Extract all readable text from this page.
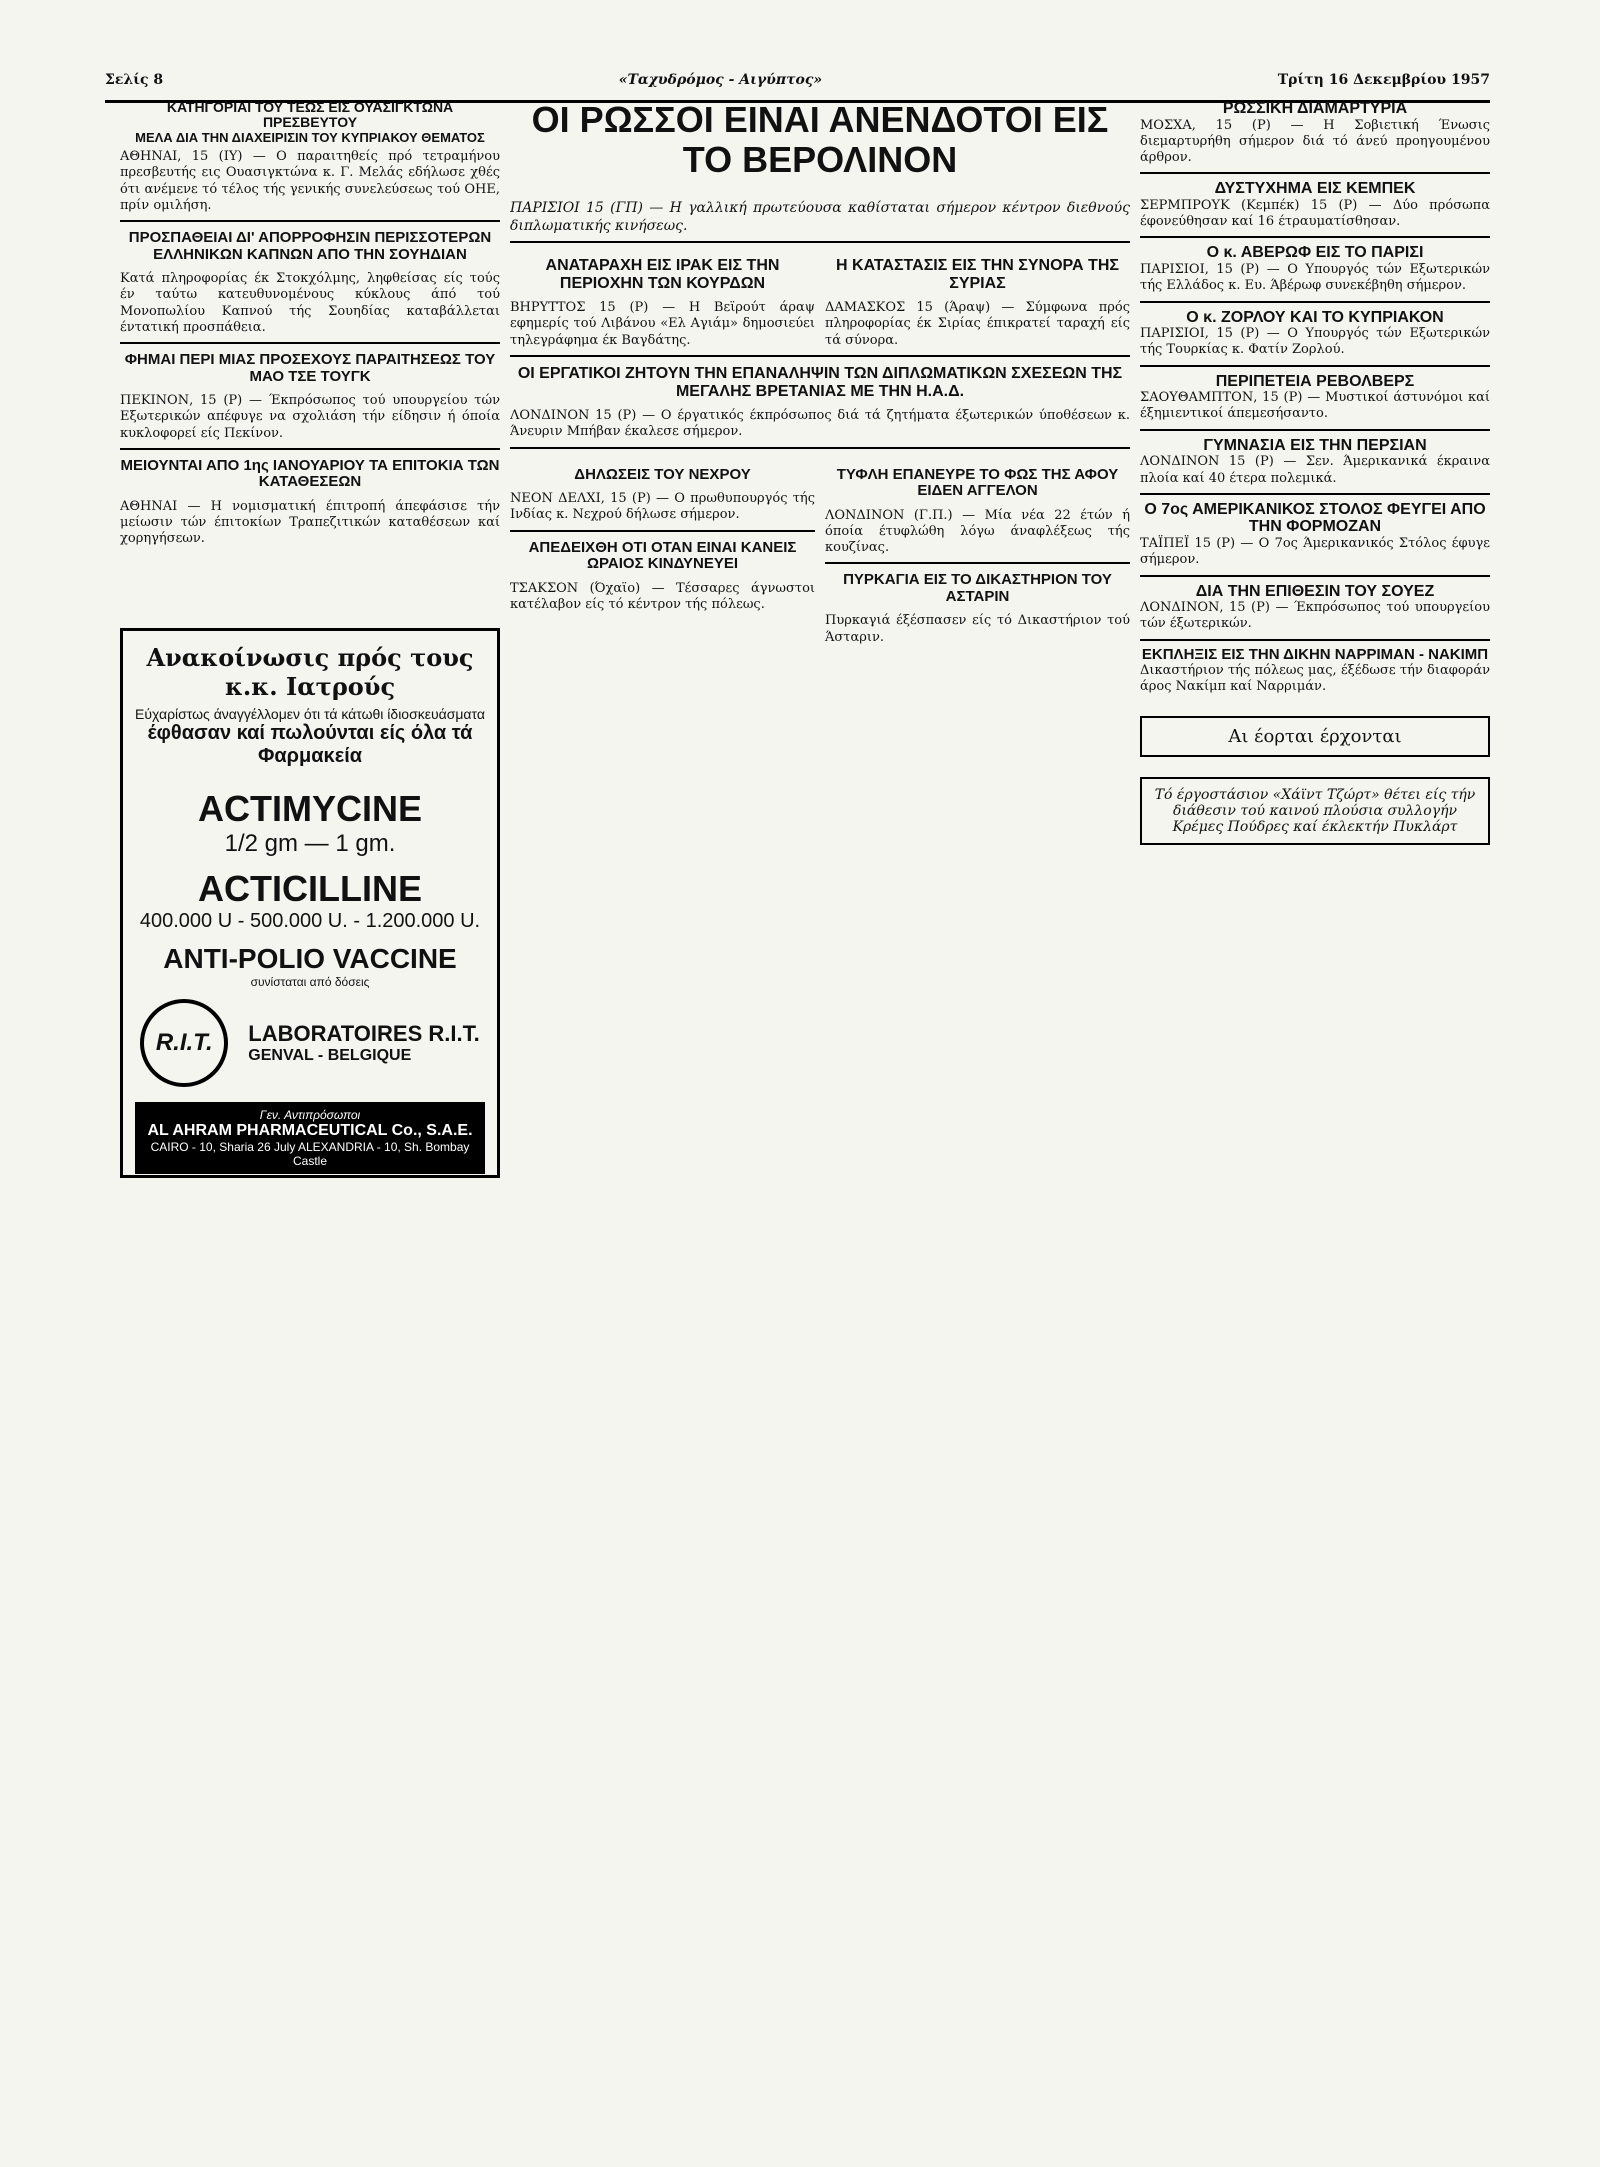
Σελίς 8	«Ταχυδρόμος - Αιγύπτος»	Τρίτη 16 Δεκεμβρίου 1957
ΚΑΤΗΓΟΡΙΑΙ ΤΟΥ ΤΕΩΣ ΕΙΣ ΟΥΑΣΙΓΚΤΩΝΑ ΠΡΕΣΒΕΥΤΟΥ
ΜΕΛΑ ΔΙΑ ΤΗΝ ΔΙΑΧΕΙΡΙΣΙΝ ΤΟΥ ΚΥΠΡΙΑΚΟΥ ΘΕΜΑΤΟΣ
ΑΘΗΝΑΙ, 15 (ΙΥ) — Ο παραιτηθείς πρό τετραμήνου πρεσβευτής εις Ουασιγκτώνα κ. Γ. Μελάς εδήλωσε χθές ότι ανέμενε τό τέλος τής γενικής συνελεύσεως τού ΟΗΕ, πρίν ομιλήση.
ΠΡΟΣΠΑΘΕΙΑΙ ΔΙ' ΑΠΟΡΡΟΦΗΣΙΝ ΠΕΡΙΣΣΟΤΕΡΩΝ ΕΛΛΗΝΙΚΩΝ ΚΑΠΝΩΝ ΑΠΟ ΤΗΝ ΣΟΥΗΔΙΑΝ
Κατά πληροφορίας έκ Στοκχόλμης, ληφθείσας είς τούς έν ταύτω κατευθυνομένους κύκλους άπό τού Μονοπωλίου Καπνού τής Σουηδίας καταβάλλεται έντατική προσπάθεια.
ΦΗΜΑΙ ΠΕΡΙ ΜΙΑΣ ΠΡΟΣΕΧΟΥΣ ΠΑΡΑΙΤΗΣΕΩΣ ΤΟΥ ΜΑΟ ΤΣΕ ΤΟΥΓΚ
ΠΕΚΙΝΟΝ, 15 (Ρ) — Έκπρόσωπος τού υπουργείου τών Εξωτερικών απέφυγε να σχολιάση τήν είδησιν ή όποία κυκλοφορεί είς Πεκίνον.
ΜΕΙΟΥΝΤΑΙ ΑΠΟ 1ης ΙΑΝΟΥΑΡΙΟΥ ΤΑ ΕΠΙΤΟΚΙΑ ΤΩΝ ΚΑΤΑΘΕΣΕΩΝ
ΑΘΗΝΑΙ — Η νομισματική έπιτροπή άπεφάσισε τήν μείωσιν τών έπιτοκίων Τραπεζιτικών καταθέσεων καί χορηγήσεων.
Ανακοίνωσις πρός τους κ.κ. Ιατρούς
Εύχαρίστως άναγγέλλομεν ότι τά κάτωθι ίδιοσκευάσματα
έφθασαν καί πωλούνται είς όλα τά Φαρμακεία
ACTIMYCINE
1/2 gm — 1 gm.
ACTICILLINE
400.000 U - 500.000 U. - 1.200.000 U.
ANTI-POLIO VACCINE
συνίσταται από δόσεις
R.I.T.	LABORATOIRES R.I.T.
GENVAL - BELGIQUE
Γεν. Αντιπρόσωποι
AL AHRAM PHARMACEUTICAL Co., S.A.E.
CAIRO - 10, Sharia 26 July ALEXANDRIA - 10, Sh. Bombay Castle
ΟΙ ΡΩΣΣΟΙ ΕΙΝΑΙ ΑΝΕΝΔΟΤΟΙ ΕΙΣ ΤΟ ΒΕΡΟΛΙΝΟΝ
ΠΑΡΙΣΙΟΙ 15 (ΓΠ) — Η γαλλική πρωτεύουσα καθίσταται σήμερον κέντρον διεθνούς διπλωματικής κινήσεως.
ΑΝΑΤΑΡΑΧΗ ΕΙΣ ΙΡΑΚ ΕΙΣ ΤΗΝ ΠΕΡΙΟΧΗΝ ΤΩΝ ΚΟΥΡΔΩΝ
ΒΗΡΥΤΤΟΣ 15 (Ρ) — Η Βεϊρούτ άραψ εφημερίς τού Λιβάνου «Ελ Αγιάμ» δημοσιεύει τηλεγράφημα έκ Βαγδάτης.
Η ΚΑΤΑΣΤΑΣΙΣ ΕΙΣ ΤΗΝ ΣΥΝΟΡΑ ΤΗΣ ΣΥΡΙΑΣ
ΔΑΜΑΣΚΟΣ 15 (Άραψ) — Σύμφωνα πρός πληροφορίας έκ Σιρίας έπικρατεί ταραχή είς τά σύνορα.
ΟΙ ΕΡΓΑΤΙΚΟΙ ΖΗΤΟΥΝ ΤΗΝ ΕΠΑΝΑΛΗΨΙΝ ΤΩΝ ΔΙΠΛΩΜΑΤΙΚΩΝ ΣΧΕΣΕΩΝ ΤΗΣ ΜΕΓΑΛΗΣ ΒΡΕΤΑΝΙΑΣ ΜΕ ΤΗΝ Η.Α.Δ.
ΛΟΝΔΙΝΟΝ 15 (Ρ) — Ο έργατικός έκπρόσωπος διά τά ζητήματα έξωτερικών ύποθέσεων κ. Άνευριν Μπήβαν έκαλεσε σήμερον.
ΔΗΛΩΣΕΙΣ ΤΟΥ ΝΕΧΡΟΥ
ΝΕΟΝ ΔΕΛΧΙ, 15 (Ρ) — Ο πρωθυπουργός τής Ινδίας κ. Νεχρού δήλωσε σήμερον.
ΑΠΕΔΕΙΧΘΗ ΟΤΙ ΟΤΑΝ ΕΙΝΑΙ ΚΑΝΕΙΣ ΩΡΑΙΟΣ ΚΙΝΔΥΝΕΥΕΙ
ΤΣΑΚΣΟΝ (Όχαϊο) — Τέσσαρες άγνωστοι κατέλαβον είς τό κέντρον τής πόλεως.
ΤΥΦΛΗ ΕΠΑΝΕΥΡΕ ΤΟ ΦΩΣ ΤΗΣ ΑΦΟΥ ΕΙΔΕΝ ΑΓΓΕΛΟΝ
ΛΟΝΔΙΝΟΝ (Γ.Π.) — Μία νέα 22 έτών ή όποία έτυφλώθη λόγω άναφλέξεως τής κουζίνας.
ΠΥΡΚΑΓΙΑ ΕΙΣ ΤΟ ΔΙΚΑΣΤΗΡΙΟΝ ΤΟΥ ΑΣΤΑΡΙΝ
Πυρκαγιά έξέσπασεν είς τό Δικαστήριον τού Άσταριν.
ΡΩΣΣΙΚΗ ΔΙΑΜΑΡΤΥΡΙΑ
ΜΟΣΧΑ, 15 (Ρ) — Η Σοβιετική Ένωσις διεμαρτυρήθη σήμερον διά τό άνεύ προηγουμένου άρθρον.
ΔΥΣΤΥΧΗΜΑ ΕΙΣ ΚΕΜΠΕΚ
ΣΕΡΜΠΡΟΥΚ (Κεμπέκ) 15 (Ρ) — Δύο πρόσωπα έφονεύθησαν καί 16 έτραυματίσθησαν.
Ο κ. ΑΒΕΡΩΦ ΕΙΣ ΤΟ ΠΑΡΙΣΙ
ΠΑΡΙΣΙΟΙ, 15 (Ρ) — Ο Υπουργός τών Εξωτερικών τής Ελλάδος κ. Ευ. Άβέρωφ συνεκέβηθη σήμερον.
Ο κ. ΖΟΡΛΟΥ ΚΑΙ ΤΟ ΚΥΠΡΙΑΚΟΝ
ΠΑΡΙΣΙΟΙ, 15 (Ρ) — Ο Υπουργός τών Εξωτερικών τής Τουρκίας κ. Φατίν Ζορλού.
ΠΕΡΙΠΕΤΕΙΑ ΡΕΒΟΛΒΕΡΣ
ΣΑΟΥΘΑΜΠΤΟΝ, 15 (Ρ) — Μυστικοί άστυνόμοι καί έξημιεντικοί άπεμεσήσαντο.
ΓΥΜΝΑΣΙΑ ΕΙΣ ΤΗΝ ΠΕΡΣΙΑΝ
ΛΟΝΔΙΝΟΝ 15 (Ρ) — Σεν. Άμερικανικά έκραινα πλοία καί 40 έτερα πολεμικά.
Ο 7ος ΑΜΕΡΙΚΑΝΙΚΟΣ ΣΤΟΛΟΣ ΦΕΥΓΕΙ ΑΠΟ ΤΗΝ ΦΟΡΜΟΖΑΝ
ΤΑΪΠΕΪ 15 (Ρ) — Ο 7ος Άμερικανικός Στόλος έφυγε σήμερον.
ΔΙΑ ΤΗΝ ΕΠΙΘΕΣΙΝ ΤΟΥ ΣΟΥΕΖ
ΛΟΝΔΙΝΟΝ, 15 (Ρ) — Έκπρόσωπος τού υπουργείου τών έξωτερικών.
ΕΚΠΛΗΞΙΣ ΕΙΣ ΤΗΝ ΔΙΚΗΝ ΝΑΡΡΙΜΑΝ - ΝΑΚΙΜΠ
Δικαστήριον τής πόλεως μας, έξέδωσε τήν διαφοράν άρος Νακίμπ καί Ναρριμάν.
Αι έορται έρχονται
Τό έργοστάσιον «Χάϊντ Τζώρτ» θέτει είς τήν διάθεσιν τού καινού πλούσια συλλογήν Κρέμες Πούδρες καί έκλεκτήν Πυκλάρτ
